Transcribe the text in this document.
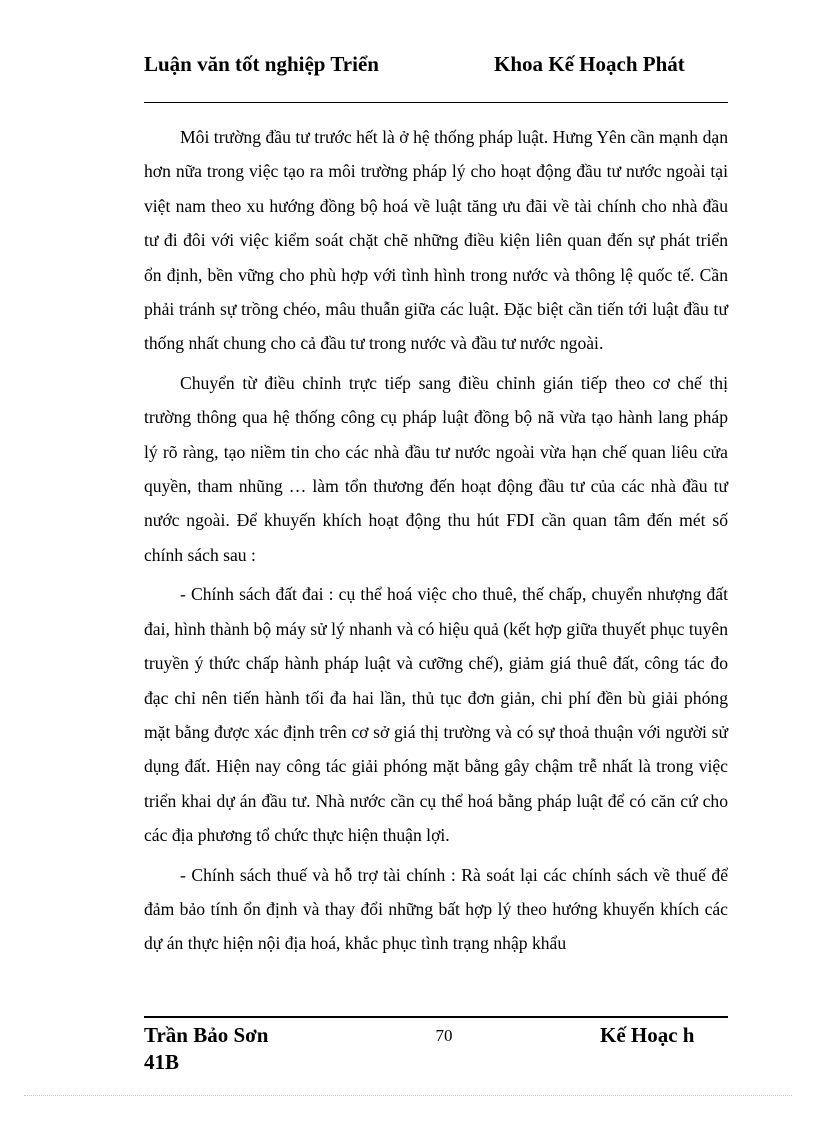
Luận văn tốt nghiệp Triển	Khoa Kế Hoạch Phát

Môi trường đầu tư trước hết là ở hệ thống pháp luật. Hưng Yên cần mạnh dạn hơn nữa trong việc tạo ra môi trường pháp lý cho hoạt động đầu tư nước ngoài tại việt nam theo xu hướng đồng bộ hoá về luật tăng ưu đãi về tài chính cho nhà đầu tư đi đôi với việc kiểm soát chặt chẽ những điều kiện liên quan đến sự phát triển ổn định, bền vững cho phù hợp với tình hình trong nước và thông lệ quốc tế. Cần phải tránh sự trồng chéo, mâu thuẫn giữa các luật. Đặc biệt cần tiến tới luật đầu tư thống nhất chung cho cả đầu tư trong nước và đầu tư nước ngoài.

Chuyển từ điều chỉnh trực tiếp sang điều chỉnh gián tiếp theo cơ chế thị trường thông qua hệ thống công cụ pháp luật đồng bộ nã vừa tạo hành lang pháp lý rõ ràng, tạo niềm tin cho các nhà đầu tư nước ngoài vừa hạn chế quan liêu cửa quyền, tham nhũng … làm tổn thương đến hoạt động đầu tư của các nhà đầu tư nước ngoài. Để khuyến khích hoạt động thu hút FDI cần quan tâm đến mét số chính sách sau :

- Chính sách đất đai : cụ thể hoá việc cho thuê, thế chấp, chuyển nhượng đất đai, hình thành bộ máy sử lý nhanh và có hiệu quả (kết hợp giữa thuyết phục tuyên truyền ý thức chấp hành pháp luật và cưỡng chế), giảm giá thuê đất, công tác đo đạc chỉ nên tiến hành tối đa hai lần, thủ tục đơn giản, chi phí đền bù giải phóng mặt bằng được xác định trên cơ sở giá thị trường và có sự thoả thuận với người sử dụng đất. Hiện nay công tác giải phóng mặt bằng gây chậm trễ nhất là trong việc triển khai dự án đầu tư. Nhà nước cần cụ thể hoá bằng pháp luật để có căn cứ cho các địa phương tổ chức thực hiện thuận lợi.

- Chính sách thuế và hỗ trợ tài chính : Rà soát lại các chính sách về thuế để đảm bảo tính ổn định và thay đổi những bất hợp lý theo hướng khuyến khích các dự án thực hiện nội địa hoá, khắc phục tình trạng nhập khẩu

Trần Bảo Sơn 41B
70	Kế Hoạc h
